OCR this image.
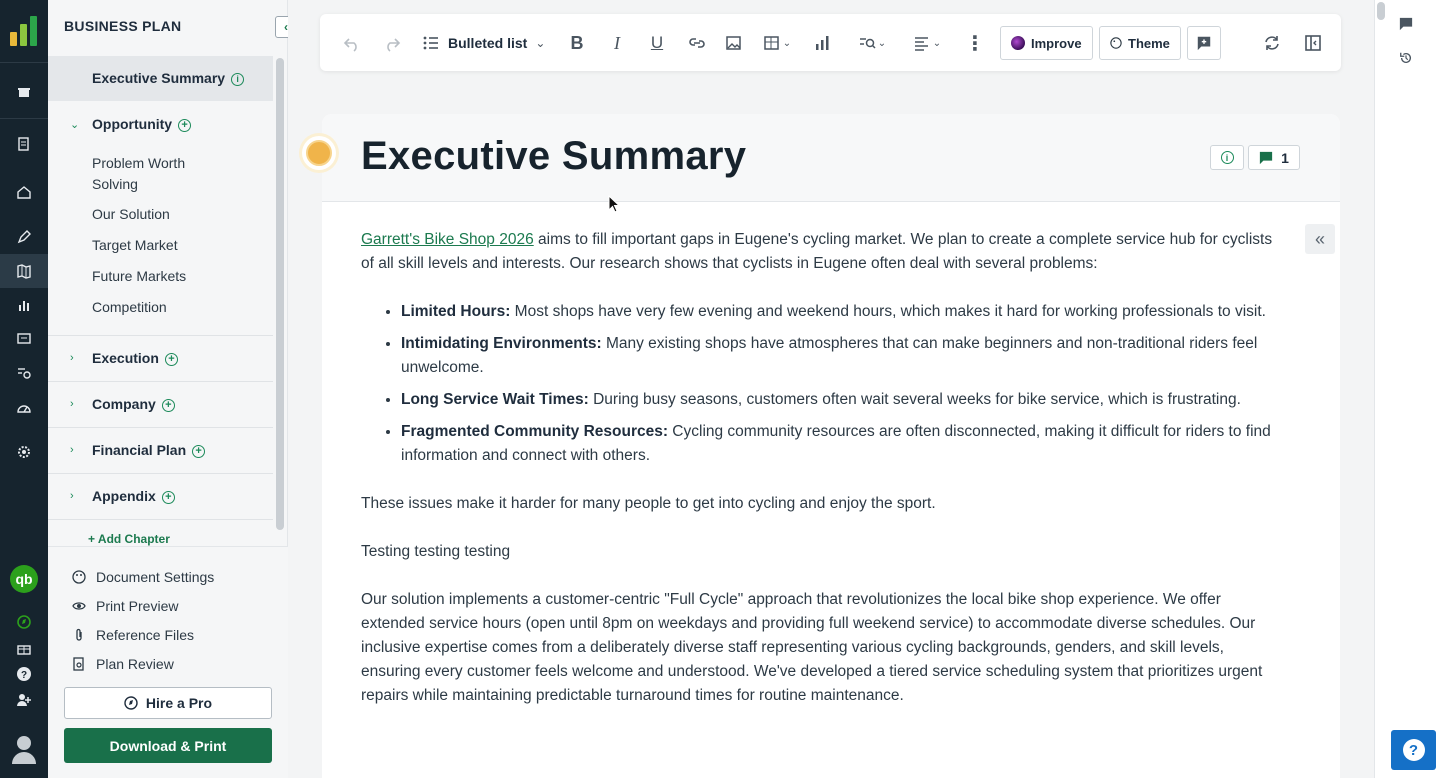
qb
?
BUSINESS PLAN	‹
Executive Summary i
⌄ Opportunity +
Problem Worth Solving
Our Solution
Target Market
Future Markets
Competition
› Execution +
› Company +
› Financial Plan +
› Appendix +
+ Add Chapter
Document Settings
Print Preview
Reference Files
Plan Review
Hire a Pro
Download & Print
Bulleted list ⌄ B	I	U	⌄	⌄	⌄ ⋮	Improve	Theme
Executive Summary	i	1
«

Garrett's Bike Shop 2026 aims to fill important gaps in Eugene's cycling market. We plan to create a complete service hub for cyclists of all skill levels and interests. Our research shows that cyclists in Eugene often deal with several problems:

• Limited Hours: Most shops have very few evening and weekend hours, which makes it hard for working professionals to visit.
• Intimidating Environments: Many existing shops have atmospheres that can make beginners and non-traditional riders feel unwelcome.
• Long Service Wait Times: During busy seasons, customers often wait several weeks for bike service, which is frustrating.
• Fragmented Community Resources: Cycling community resources are often disconnected, making it difficult for riders to find information and connect with others.

These issues make it harder for many people to get into cycling and enjoy the sport.

Testing testing testing

Our solution implements a customer-centric "Full Cycle" approach that revolutionizes the local bike shop experience. We offer extended service hours (open until 8pm on weekdays and providing full weekend service) to accommodate diverse schedules. Our inclusive expertise comes from a deliberately diverse staff representing various cycling backgrounds, genders, and skill levels, ensuring every customer feels welcome and understood. We've developed a tiered service scheduling system that prioritizes urgent repairs while maintaining predictable turnaround times for routine maintenance.

?
